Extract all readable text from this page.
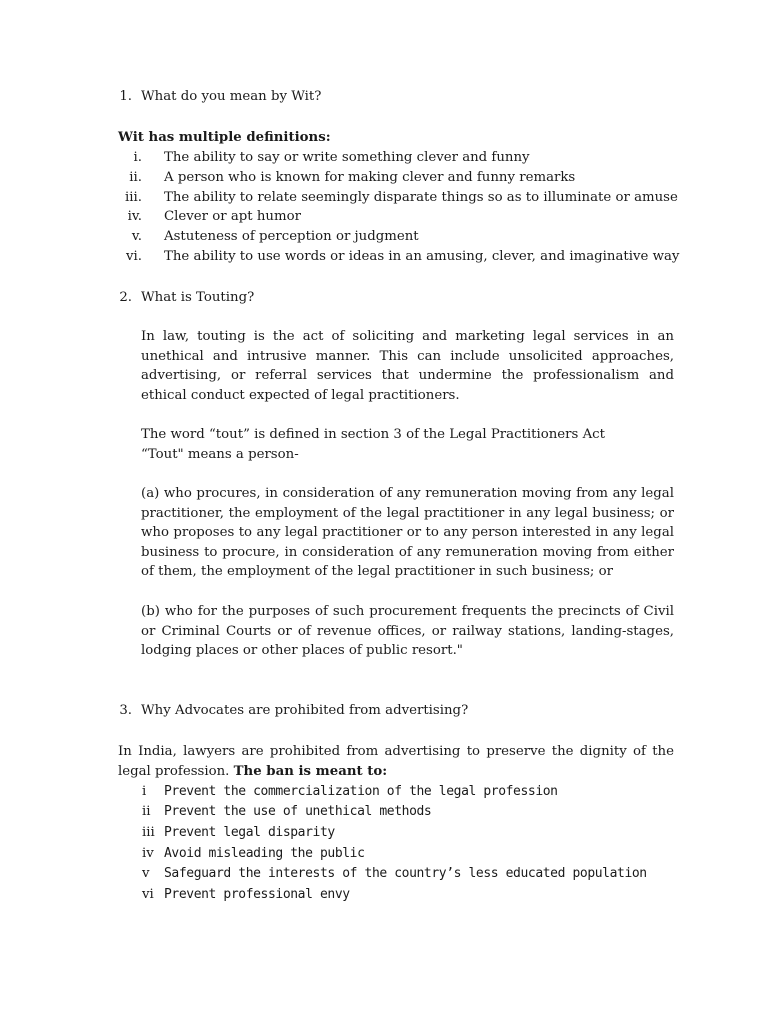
1. What do you mean by Wit?
Wit has multiple definitions:
i. The ability to say or write something clever and funny
ii. A person who is known for making clever and funny remarks
iii. The ability to relate seemingly disparate things so as to illuminate or amuse
iv. Clever or apt humor
v. Astuteness of perception or judgment
vi. The ability to use words or ideas in an amusing, clever, and imaginative way
2. What is Touting?
In law, touting is the act of soliciting and marketing legal services in an unethical and intrusive manner. This can include unsolicited approaches, advertising, or referral services that undermine the professionalism and ethical conduct expected of legal practitioners.
The word “tout” is defined in section 3 of the Legal Practitioners Act
“Tout" means a person-
(a) who procures, in consideration of any remuneration moving from any legal practitioner, the employment of the legal practitioner in any legal business; or who proposes to any legal practitioner or to any person interested in any legal business to procure, in consideration of any remuneration moving from either of them, the employment of the legal practitioner in such business; or
(b) who for the purposes of such procurement frequents the precincts of Civil or Criminal Courts or of revenue offices, or railway stations, landing-stages, lodging places or other places of public resort."
3. Why Advocates are prohibited from advertising?
In India, lawyers are prohibited from advertising to preserve the dignity of the legal profession. The ban is meant to:
i Prevent the commercialization of the legal profession
ii Prevent the use of unethical methods
iii Prevent legal disparity
iv Avoid misleading the public
v Safeguard the interests of the country’s less educated population
vi Prevent professional envy
